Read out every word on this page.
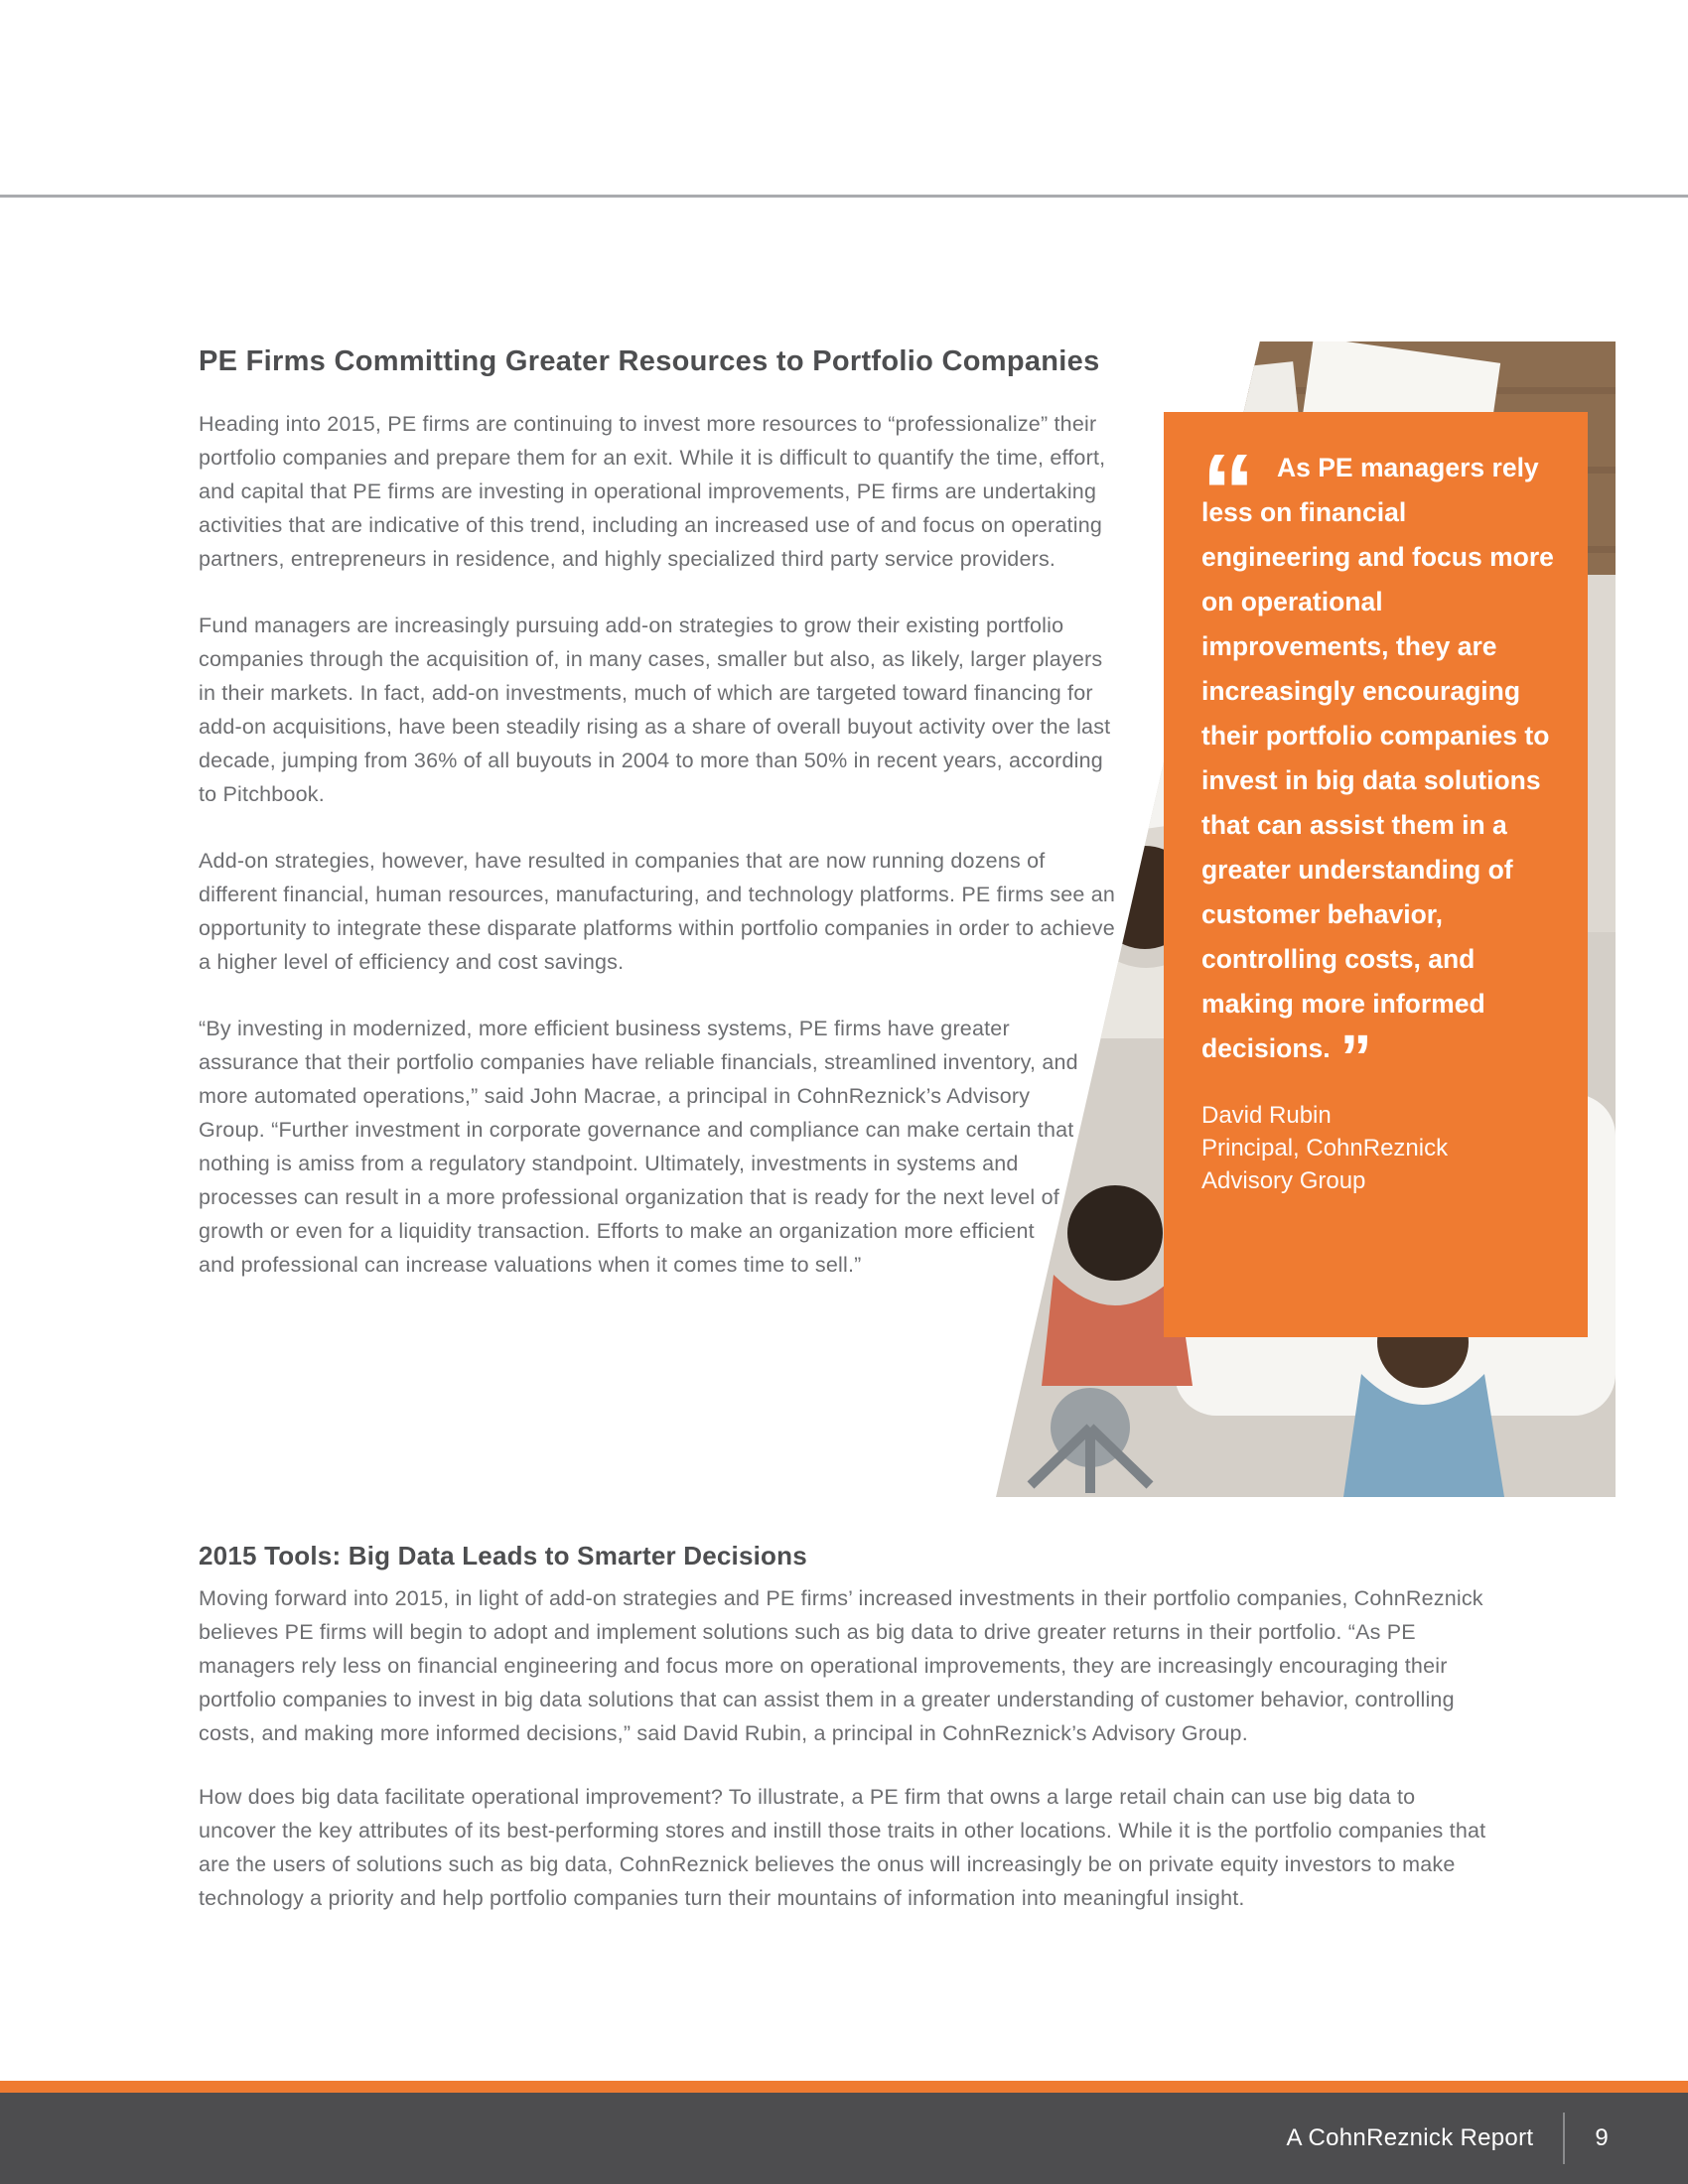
PE Firms Committing Greater Resources to Portfolio Companies

Heading into 2015, PE firms are continuing to invest more resources to “professionalize” their portfolio companies and prepare them for an exit. While it is difficult to quantify the time, effort, and capital that PE firms are investing in operational improvements, PE firms are undertaking activities that are indicative of this trend, including an increased use of and focus on operating partners, entrepreneurs in residence, and highly specialized third party service providers.

Fund managers are increasingly pursuing add-on strategies to grow their existing portfolio companies through the acquisition of, in many cases, smaller but also, as likely, larger players in their markets. In fact, add-on investments, much of which are targeted toward financing for add-on acquisitions, have been steadily rising as a share of overall buyout activity over the last decade, jumping from 36% of all buyouts in 2004 to more than 50% in recent years, according to Pitchbook.

Add-on strategies, however, have resulted in companies that are now running dozens of different financial, human resources, manufacturing, and technology platforms. PE firms see an opportunity to integrate these disparate platforms within portfolio companies in order to achieve a higher level of efficiency and cost savings.

“By investing in modernized, more efficient business systems, PE firms have greater assurance that their portfolio companies have reliable financials, streamlined inventory, and more automated operations,” said John Macrae, a principal in CohnReznick’s Advisory Group. “Further investment in corporate governance and compliance can make certain that nothing is amiss from a regulatory standpoint. Ultimately, investments in systems and processes can result in a more professional organization that is ready for the next level of growth or even for a liquidity transaction. Efforts to make an organization more efficient and professional can increase valuations when it comes time to sell.”

“	As PE managers rely less on financial engineering and focus more on operational improvements, they are increasingly encouraging their portfolio companies to invest in big data solutions that can assist them in a greater understanding of customer behavior, controlling costs, and making more informed decisions. ”
David Rubin
Principal, CohnReznick
Advisory Group
2015 Tools: Big Data Leads to Smarter Decisions

Moving forward into 2015, in light of add-on strategies and PE firms’ increased investments in their portfolio companies, CohnReznick believes PE firms will begin to adopt and implement solutions such as big data to drive greater returns in their portfolio. “As PE managers rely less on financial engineering and focus more on operational improvements, they are increasingly encouraging their portfolio companies to invest in big data solutions that can assist them in a greater understanding of customer behavior, controlling costs, and making more informed decisions,” said David Rubin, a principal in CohnReznick’s Advisory Group.

How does big data facilitate operational improvement? To illustrate, a PE firm that owns a large retail chain can use big data to uncover the key attributes of its best-performing stores and instill those traits in other locations. While it is the portfolio companies that are the users of solutions such as big data, CohnReznick believes the onus will increasingly be on private equity investors to make technology a priority and help portfolio companies turn their mountains of information into meaningful insight.

A CohnReznick Report	9
